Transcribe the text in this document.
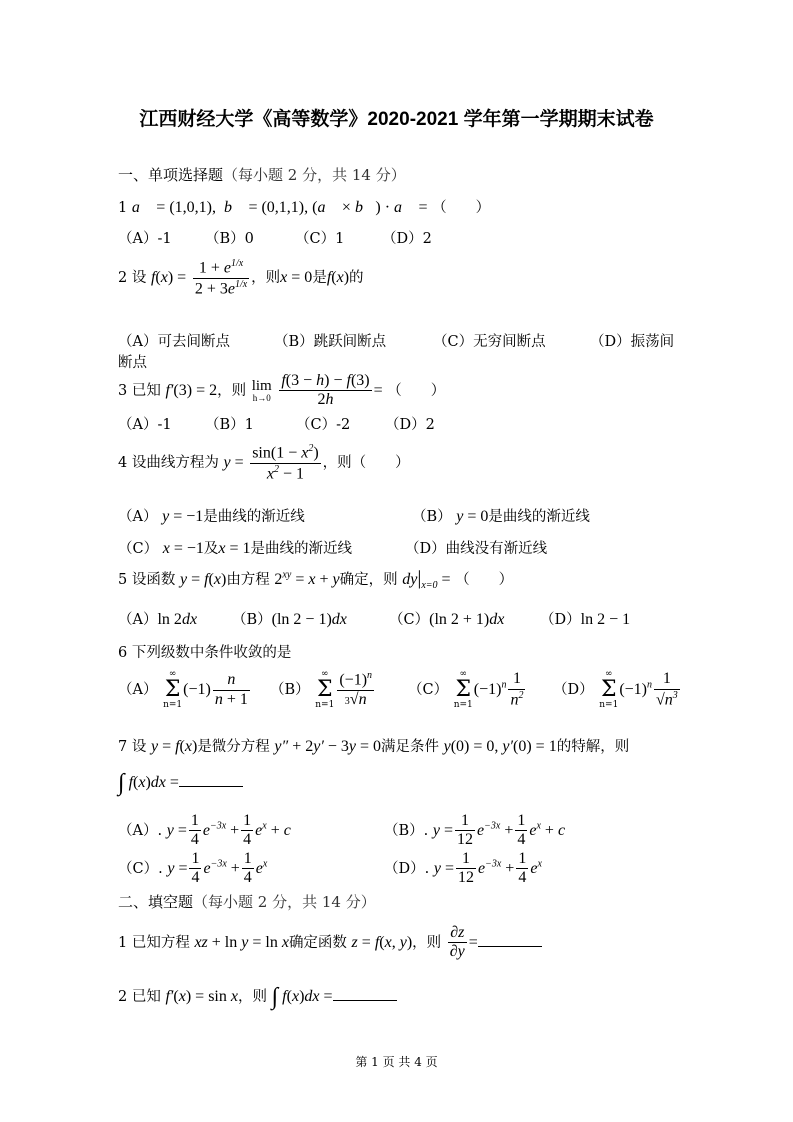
江西财经大学《高等数学》2020-2021 学年第一学期期末试卷
一、单项选择题（每小题 2 分，共 14 分）
1 a⃗ = (1,0,1),  b⃗ = (0,1,1), (a⃗ × b⃗) · a⃗ = （　　）
（A）-1 （B）0	（C）1	（D）2
2 设 $f(x) = \frac{1 + e^{1/x}}{2 + 3e^{1/x}}$ ，则x = 0是f(x)的
（A）可去间断点	（B）跳跃间断点	（C）无穷间断点	（D）振荡间
断点
3 已知 f′(3) = 2，则 lim
h→0
$\frac{f(3 - h) - f(3)}{2h}$ = （　　）
（A）-1 （B）1	（C）-2 （D）2
4 设曲线方程为 $y = \frac{\sin(1 - x^2)}{x^2 - 1}$ ，则（　　）
（A） y = −1是曲线的渐近线	（B） y = 0是曲线的渐近线
（C） x = −1及x = 1是曲线的渐近线	（D）曲线没有渐近线
5 设函数 y = f(x)由方程 $2^{xy} = x + y$确定，则 $dy|_{x=0}$ = （　　）
（A）ln 2dx （B）(ln 2 − 1)dx	（C）(ln 2 + 1)dx （D）ln 2 − 1
6 下列级数中条件收敛的是
（A）
∞
Σ
n=1
$(-1) \frac{n}{n + 1} (B)$
∞
Σ
$n=1 \frac{(-1)^n}{3√n} (C)$
∞
Σ
n=1
$(-1)^n \frac{1}{n^2} (D)$
∞
Σ
n=1
$(-1)^n \frac{1}{√n^3}$
7 设 y = f(x)是微分方程 y″ + 2y′ − 3y = 0满足条件 y(0) = 0, y′(0) = 1的特解，则
∫ f(x)dx =
（A）. $y = \frac{1}{4} e^{-3x} + \frac{1}{4} e^x + c$	（B）. $y = \frac{1}{12} e^{-3x} + \frac{1}{4} e^x + c$
（C）. $y = \frac{1}{4} e^{-3x} + \frac{1}{4} e^x$	（D）. $y = \frac{1}{12} e^{-3x} + \frac{1}{4} e^x$
二、填空题（每小题 2 分，共 14 分）
1 已知方程 xz + ln y = ln x确定函数 z = f(x, y)，则 $\frac{\partial z}{\partial y}$ =
2 已知 f′(x) = sin x，则 ∫ f(x)dx =
第 1 页 共 4 页
